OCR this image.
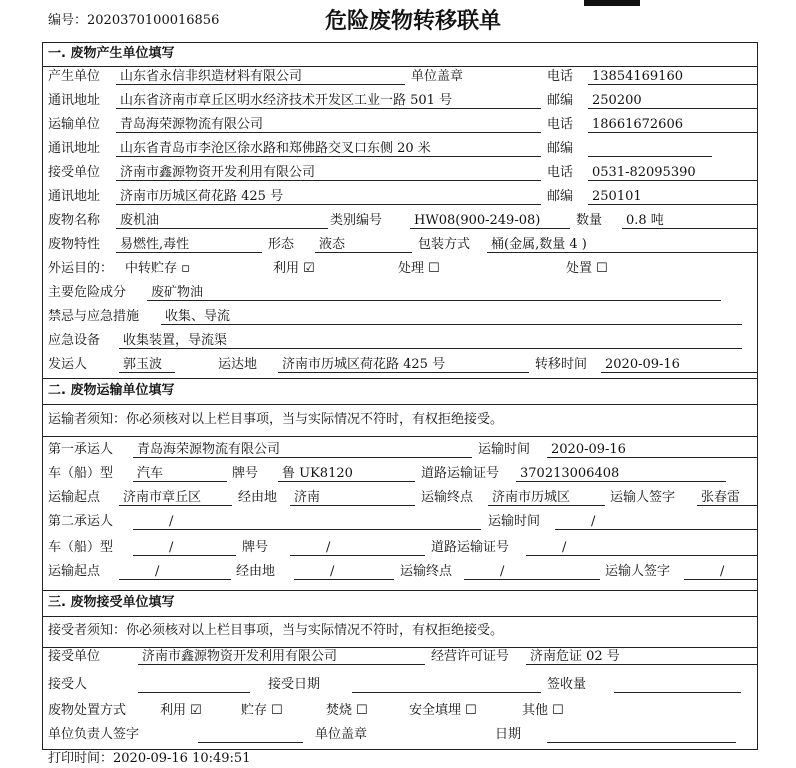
编号：2020370100016856	危险废物转移联单
一. 废物产生单位填写
产生单位	山东省永信非织造材料有限公司	单位盖章	电话	13854169160
通讯地址	山东省济南市章丘区明水经济技术开发区工业一路 501 号	邮编	250200
运输单位	青岛海荣源物流有限公司	电话	18661672606
通讯地址	山东省青岛市李沧区徐水路和郑佛路交叉口东侧 20 米	邮编
接受单位	济南市鑫源物资开发利用有限公司	电话	0531-82095390
通讯地址	济南市历城区荷花路 425 号	邮编	250101
废物名称	废机油	类别编号	HW08(900-249-08)	数量	0.8 吨
废物特性	易燃性,毒性	形态	液态	包装方式	桶(金属,数量 4 )
外运目的： 中转贮存 ▫	利用 ☑	处理 ☐	处置 ☐
主要危险成分	废矿物油
禁忌与应急措施	收集、导流
应急设备	收集装置，导流渠
发运人	郭玉波	运达地	济南市历城区荷花路 425 号	转移时间	2020-09-16
二. 废物运输单位填写
运输者须知：你必须核对以上栏目事项，当与实际情况不符时，有权拒绝接受。
第一承运人	青岛海荣源物流有限公司	运输时间	2020-09-16
车（船）型	汽车	牌号	鲁 UK8120	道路运输证号	370213006408
运输起点	济南市章丘区	经由地	济南	运输终点	济南市历城区	运输人签字	张春雷
第二承运人	/	运输时间	/
车（船）型	/	牌号	/	道路运输证号	/
运输起点	/	经由地	/	运输终点	/	运输人签字	/
三. 废物接受单位填写
接受者须知：你必须核对以上栏目事项，当与实际情况不符时，有权拒绝接受。
接受单位	济南市鑫源物资开发利用有限公司	经营许可证号	济南危证 02 号
接受人	接受日期	签收量
废物处置方式	利用 ☑	贮存 ☐	焚烧 ☐	安全填埋 ☐	其他 ☐
单位负责人签字	单位盖章	日期
打印时间：2020-09-16 10:49:51
